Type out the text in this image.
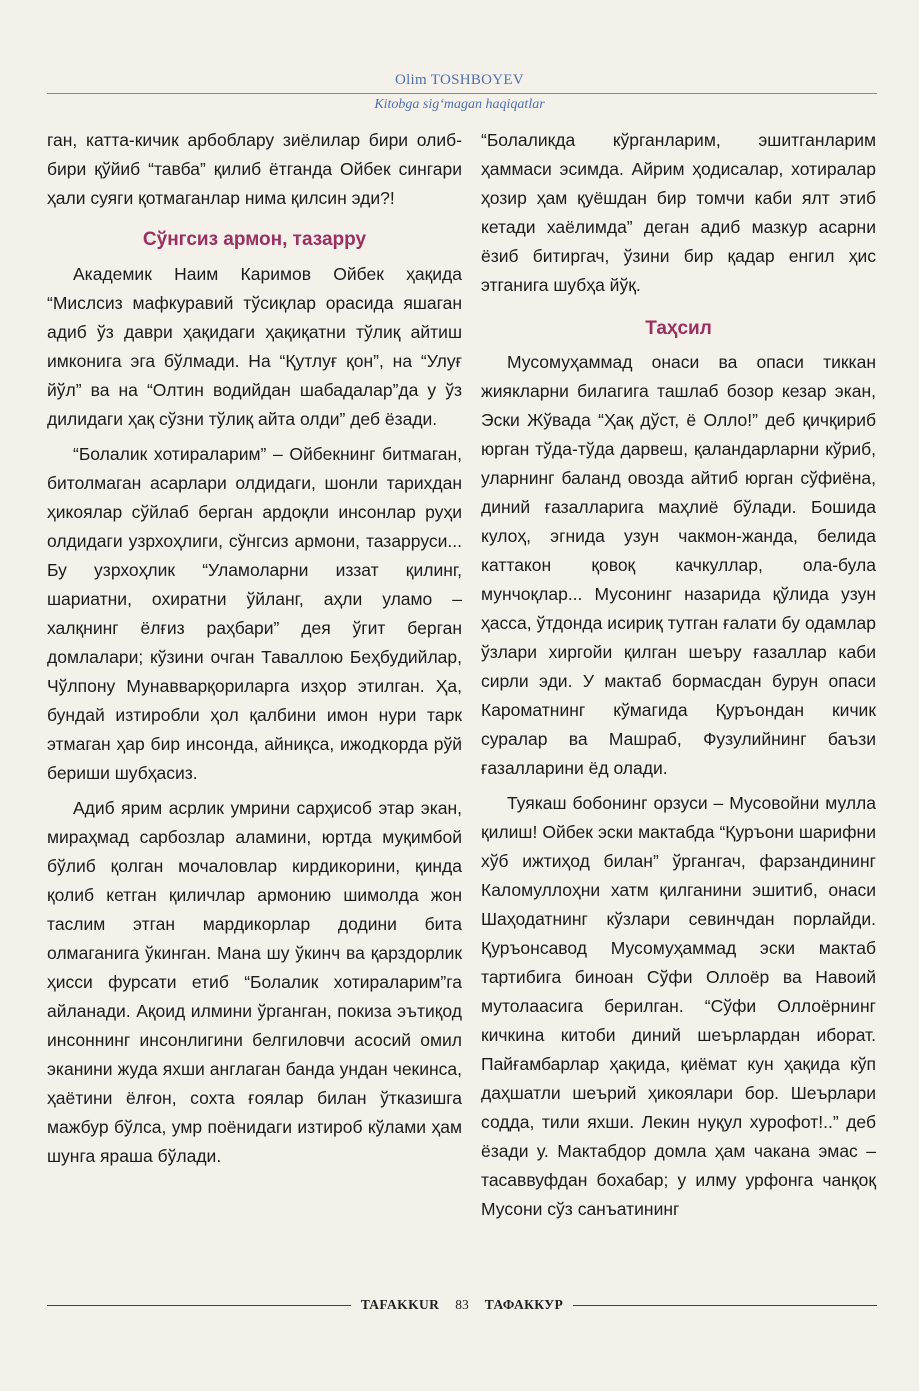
Olim TOSHBOYEV
Kitobga sig‘magan haqiqatlar

ган, катта-кичик арбоблару зиёлилар бири олиб-бири қўйиб “тавба” қилиб ётганда Ойбек сингари ҳали суяги қотмаганлар нима қилсин эди?!

Сўнгсиз армон, тазарру

Академик Наим Каримов Ойбек ҳақида “Мислсиз мафкуравий тўсиқлар орасида яшаган адиб ўз даври ҳақидаги ҳақиқатни тўлиқ айтиш имконига эга бўлмади. На “Қутлуғ қон”, на “Улуғ йўл” ва на “Олтин водийдан шабадалар”да у ўз дилидаги ҳақ сўзни тўлиқ айта олди” деб ёзади.

“Болалик хотираларим” – Ойбекнинг битмаган, битолмаган асарлари олдидаги, шонли тарихдан ҳикоялар сўйлаб берган ардоқли инсонлар руҳи олдидаги узрхоҳлиги, сўнгсиз армони, тазарруси... Бу узрхоҳлик “Уламоларни иззат қилинг, шариатни, охиратни ўйланг, аҳли уламо – халқнинг ёлғиз раҳбари” дея ўгит берган домлалари; кўзини очган Таваллою Беҳбудийлар, Чўлпону Мунавварқориларга изҳор этилган. Ҳа, бундай изтиробли ҳол қалбини имон нури тарк этмаган ҳар бир инсонда, айниқса, ижодкорда рўй бериши шубҳасиз.

Адиб ярим асрлик умрини сарҳисоб этар экан, мираҳмад сарбозлар аламини, юртда муқимбой бўлиб қолган мочаловлар кирдикорини, қинда қолиб кетган қиличлар армонию шимолда жон таслим этган мардикорлар додини бита олмаганига ўкинган. Мана шу ўкинч ва қарздорлик ҳисси фурсати етиб “Болалик хотираларим”га айланади. Ақоид илмини ўрганган, покиза эътиқод инсоннинг инсонлигини белгиловчи асосий омил эканини жуда яхши англаган банда ундан чекинса, ҳаётини ёлғон, сохта ғоялар билан ўтказишга мажбур бўлса, умр поёнидаги изтироб кўлами ҳам шунга яраша бўлади.

“Болаликда кўрганларим, эшитганларим ҳаммаси эсимда. Айрим ҳодисалар, хотиралар ҳозир ҳам қуёшдан бир томчи каби ялт этиб кетади хаёлимда” деган адиб мазкур асарни ёзиб битиргач, ўзини бир қадар енгил ҳис этганига шубҳа йўқ.

Таҳсил

Мусомуҳаммад онаси ва опаси тиккан жиякларни билагига ташлаб бозор кезар экан, Эски Жўвада “Ҳақ дўст, ё Олло!” деб қичқириб юрган тўда-тўда дарвеш, қаландарларни кўриб, уларнинг баланд овозда айтиб юрган сўфиёна, диний ғазалларига маҳлиё бўлади. Бошида кулоҳ, эгнида узун чакмон-жанда, белида каттакон қовоқ качкуллар, ола-була мунчоқлар... Мусонинг назарида қўлида узун ҳасса, ўтдонда исириқ тутган ғалати бу одамлар ўзлари хиргойи қилган шеъру ғазаллар каби сирли эди. У мактаб бормасдан бурун опаси Кароматнинг кўмагида Қуръондан кичик суралар ва Машраб, Фузулийнинг баъзи ғазалларини ёд олади.

Туякаш бобонинг орзуси – Мусовойни мулла қилиш! Ойбек эски мактабда “Қуръони шарифни хўб ижтиҳод билан” ўргангач, фарзандининг Каломуллоҳни хатм қилганини эшитиб, онаси Шаҳодатнинг кўзлари севинчдан порлайди. Қуръонсавод Мусомуҳаммад эски мактаб тартибига биноан Сўфи Оллоёр ва Навоий мутолаасига берилган. “Сўфи Оллоёрнинг кичкина китоби диний шеърлардан иборат. Пайғамбарлар ҳақида, қиёмат кун ҳақида кўп даҳшатли шеърий ҳикоялари бор. Шеърлари содда, тили яхши. Лекин нуқул хурофот!..” деб ёзади у. Мактабдор домла ҳам чакана эмас – тасаввуфдан бохабар; у илму урфонга чанқоқ Мусони сўз санъатининг

TAFAKKUR	83	ТАФАККУР
